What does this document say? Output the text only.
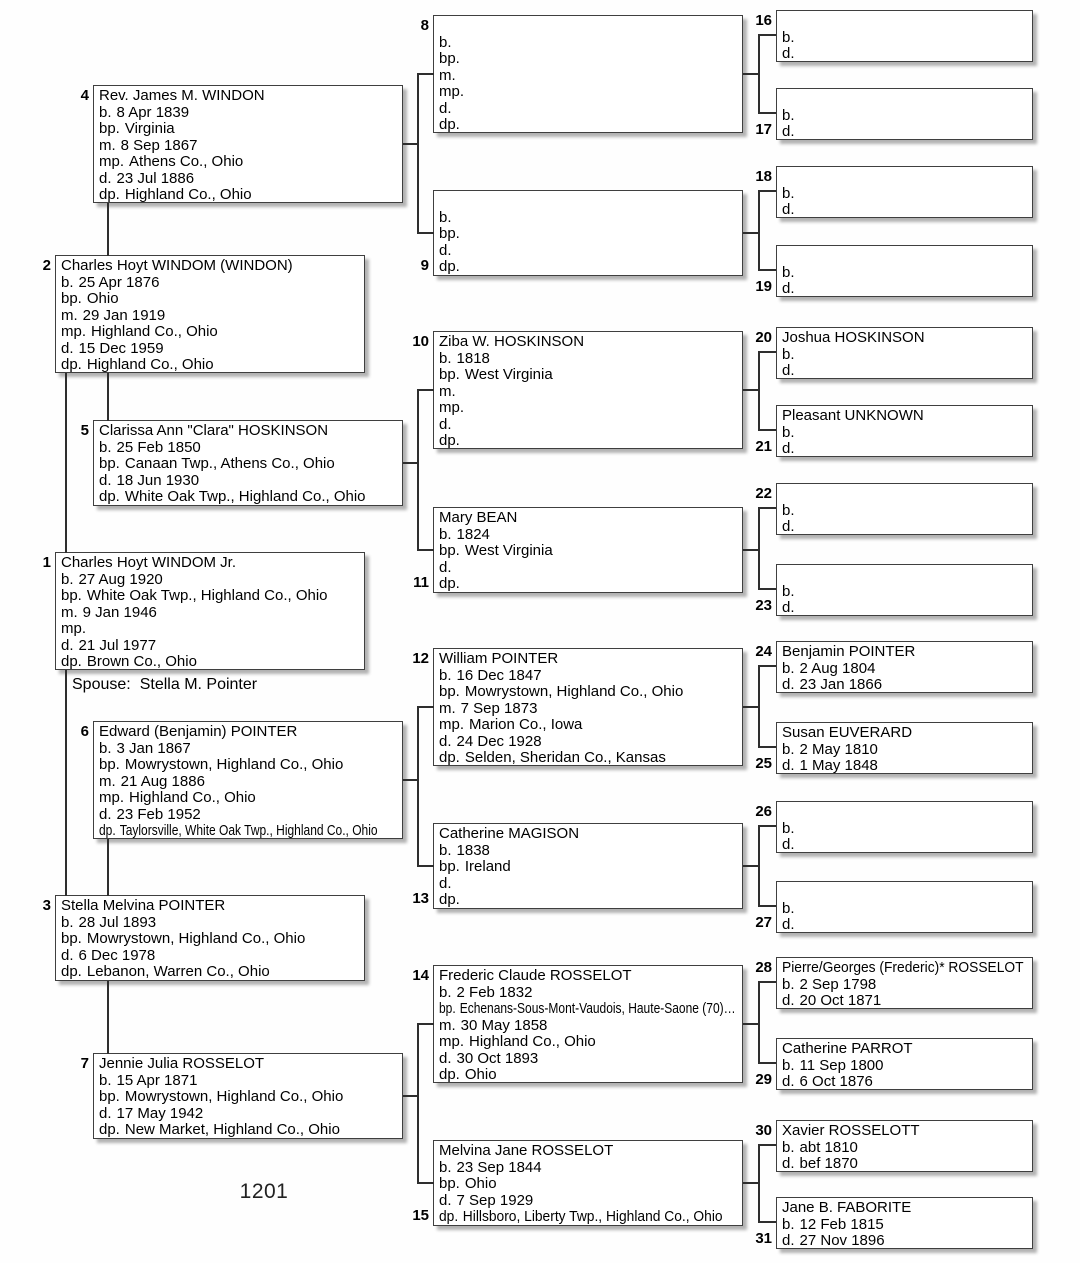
Spouse: Stella M. Pointer
1201
Charles Hoyt WINDOM Jr.
b. 27 Aug 1920
bp. White Oak Twp., Highland Co., Ohio
m. 9 Jan 1946
mp.
d. 21 Jul 1977
dp. Brown Co., Ohio
1
Charles Hoyt WINDOM (WINDON)
b. 25 Apr 1876
bp. Ohio
m. 29 Jan 1919
mp. Highland Co., Ohio
d. 15 Dec 1959
dp. Highland Co., Ohio
2
Stella Melvina POINTER
b. 28 Jul 1893
bp. Mowrystown, Highland Co., Ohio
d. 6 Dec 1978
dp. Lebanon, Warren Co., Ohio
3
Rev. James M. WINDON
b. 8 Apr 1839
bp. Virginia
m. 8 Sep 1867
mp. Athens Co., Ohio
d. 23 Jul 1886
dp. Highland Co., Ohio
4
Clarissa Ann "Clara" HOSKINSON
b. 25 Feb 1850
bp. Canaan Twp., Athens Co., Ohio
d. 18 Jun 1930
dp. White Oak Twp., Highland Co., Ohio
5
Edward (Benjamin) POINTER
b. 3 Jan 1867
bp. Mowrystown, Highland Co., Ohio
m. 21 Aug 1886
mp. Highland Co., Ohio
d. 23 Feb 1952
dp. Taylorsville, White Oak Twp., Highland Co., Ohio
6
Jennie Julia ROSSELOT
b. 15 Apr 1871
bp. Mowrystown, Highland Co., Ohio
d. 17 May 1942
dp. New Market, Highland Co., Ohio
7
b.
bp.
m.
mp.
d.
dp.
8
b.
bp.
d.
dp.
9
Ziba W. HOSKINSON
b. 1818
bp. West Virginia
m.
mp.
d.
dp.
10
Mary BEAN
b. 1824
bp. West Virginia
d.
dp.
11
William POINTER
b. 16 Dec 1847
bp. Mowrystown, Highland Co., Ohio
m. 7 Sep 1873
mp. Marion Co., Iowa
d. 24 Dec 1928
dp. Selden, Sheridan Co., Kansas
12
Catherine MAGISON
b. 1838
bp. Ireland
d.
dp.
13
Frederic Claude ROSSELOT
b. 2 Feb 1832
bp. Echenans-Sous-Mont-Vaudois, Haute-Saone (70)…
m. 30 May 1858
mp. Highland Co., Ohio
d. 30 Oct 1893
dp. Ohio
14
Melvina Jane ROSSELOT
b. 23 Sep 1844
bp. Ohio
d. 7 Sep 1929
dp. Hillsboro, Liberty Twp., Highland Co., Ohio
15
b.
d.
16
b.
d.
17
b.
d.
18
b.
d.
19
Joshua HOSKINSON
b.
d.
20
Pleasant UNKNOWN
b.
d.
21
b.
d.
22
b.
d.
23
Benjamin POINTER
b. 2 Aug 1804
d. 23 Jan 1866
24
Susan EUVERARD
b. 2 May 1810
d. 1 May 1848
25
b.
d.
26
b.
d.
27
Pierre/Georges (Frederic)* ROSSELOT
b. 2 Sep 1798
d. 20 Oct 1871
28
Catherine PARROT
b. 11 Sep 1800
d. 6 Oct 1876
29
Xavier ROSSELOTT
b. abt 1810
d. bef 1870
30
Jane B. FABORITE
b. 12 Feb 1815
d. 27 Nov 1896
31
